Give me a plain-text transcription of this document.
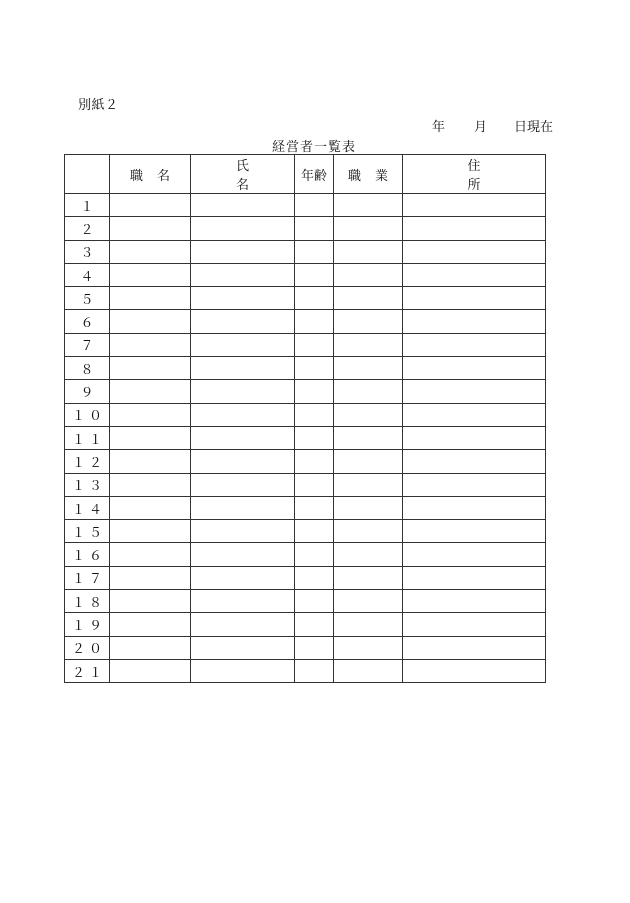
別紙２
年 月 日現在
経営者一覧表
	職名	氏名	年齢	職業	住所
１					
２					
３					
４					
５					
６					
７					
８					
９					
１０					
１１					
１２					
１３					
１４					
１５					
１６					
１７					
１８					
１９					
２０					
２１					
